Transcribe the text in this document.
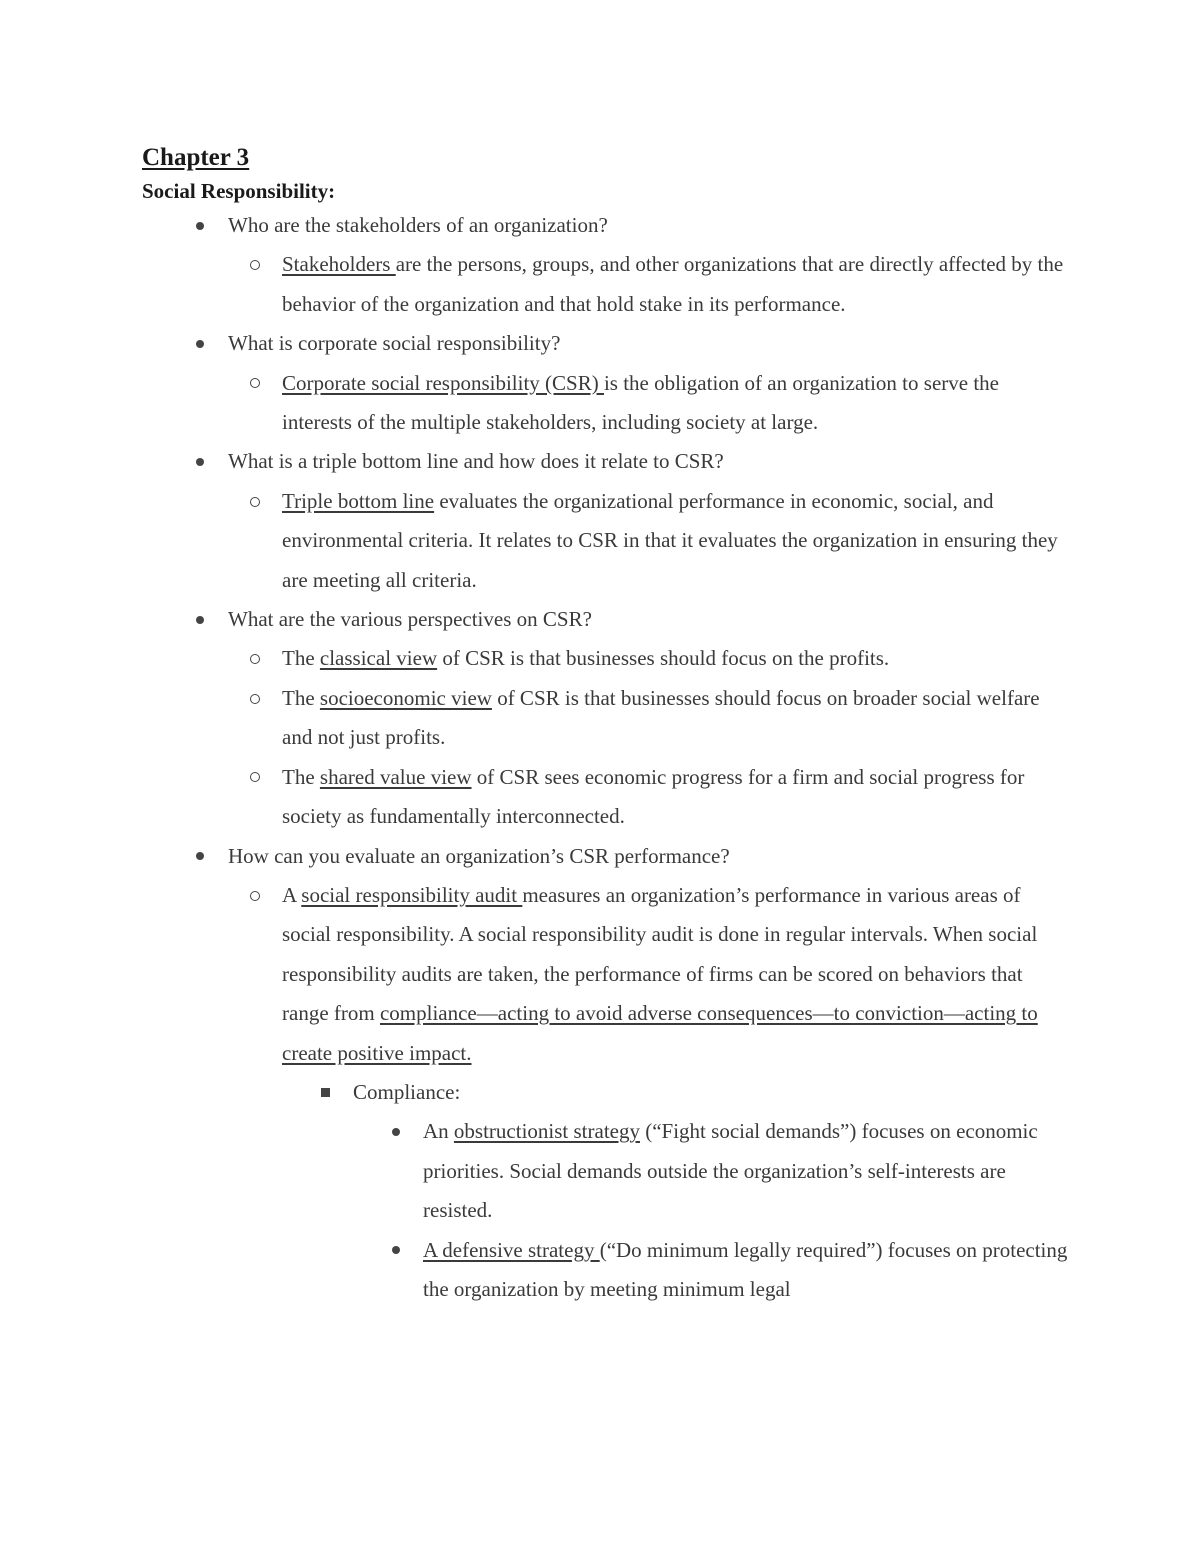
Chapter 3
Social Responsibility:
Who are the stakeholders of an organization?
Stakeholders are the persons, groups, and other organizations that are directly affected by the behavior of the organization and that hold stake in its performance.
What is corporate social responsibility?
Corporate social responsibility (CSR) is the obligation of an organization to serve the interests of the multiple stakeholders, including society at large.
What is a triple bottom line and how does it relate to CSR?
Triple bottom line evaluates the organizational performance in economic, social, and environmental criteria. It relates to CSR in that it evaluates the organization in ensuring they are meeting all criteria.
What are the various perspectives on CSR?
The classical view of CSR is that businesses should focus on the profits.
The socioeconomic view of CSR is that businesses should focus on broader social welfare and not just profits.
The shared value view of CSR sees economic progress for a firm and social progress for society as fundamentally interconnected.
How can you evaluate an organization’s CSR performance?
A social responsibility audit measures an organization’s performance in various areas of social responsibility. A social responsibility audit is done in regular intervals. When social responsibility audits are taken, the performance of firms can be scored on behaviors that range from compliance—acting to avoid adverse consequences—to conviction—acting to create positive impact.
Compliance:
An obstructionist strategy (“Fight social demands”) focuses on economic priorities. Social demands outside the organization’s self-interests are resisted.
A defensive strategy (“Do minimum legally required”) focuses on protecting the organization by meeting minimum legal
